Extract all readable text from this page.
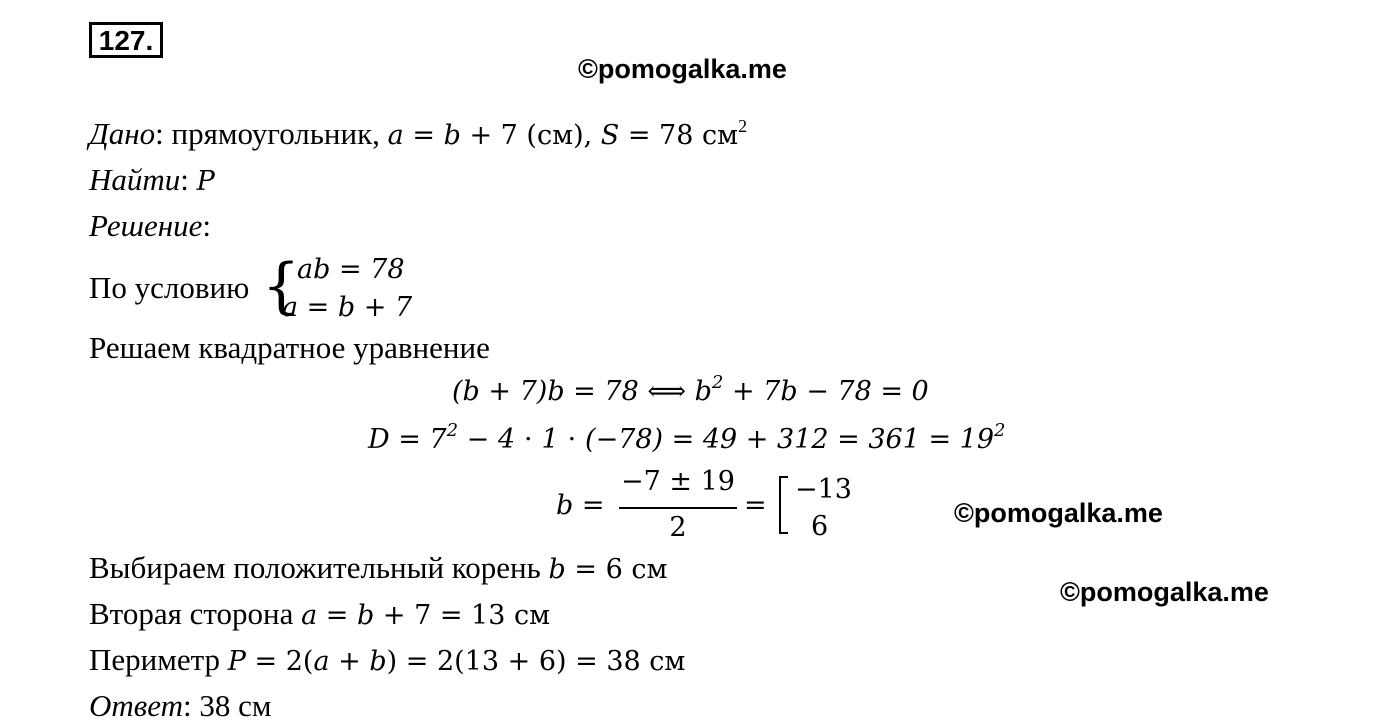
127.
©pomogalka.me
Дано: прямоугольник, a = b + 7 (см), S = 78 $см^2$
Найти: P
Решение:
По условию {
ab = 78
a = b + 7
Решаем квадратное уравнение
(b + 7)b = 78 ⟺ $b^2 + 7b - 78 = 0$
$D = 7^2 - 4 \cdot 1 \cdot (-78) = 49 + 312 = 361 = 19^2$
b =
−7 ± 19
2
=
−13
6	©pomogalka.me
Выбираем положительный корень b = 6 см
©pomogalka.me
Вторая сторона a = b + 7 = 13 см
Периметр P = 2(a + b) = 2(13 + 6) = 38 см
Ответ: 38 см
